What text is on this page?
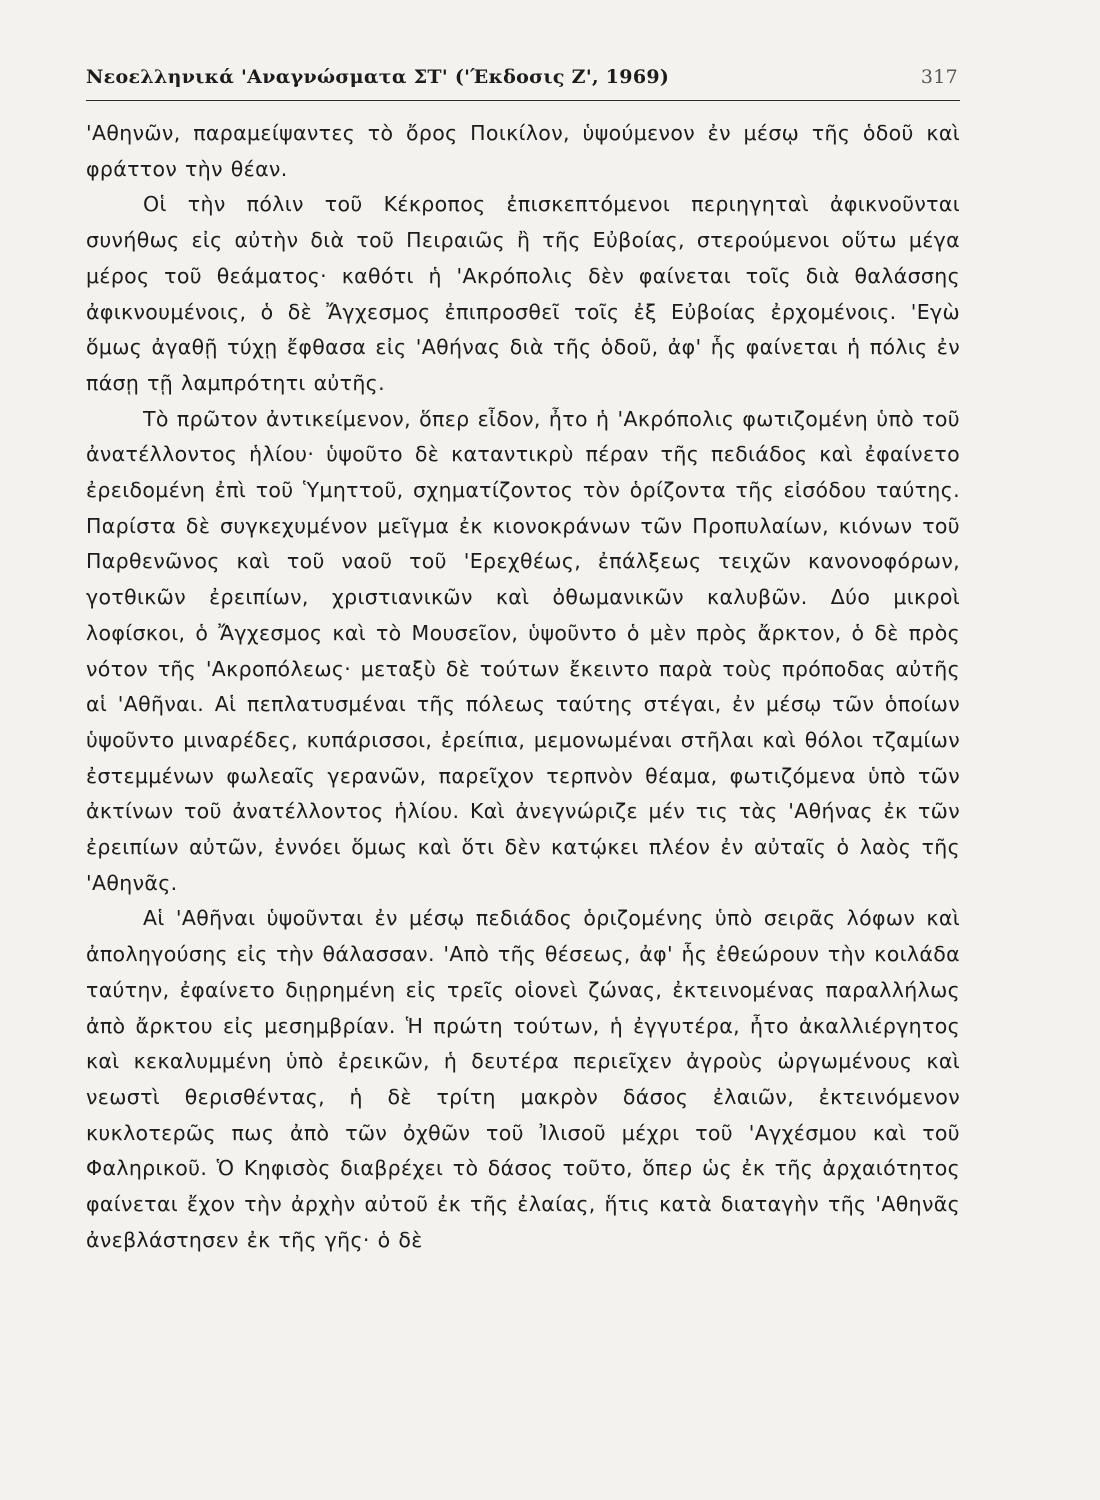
Νεοελληνικά 'Αναγνώσματα ΣΤ' ('Έκδοσις Ζ', 1969)	317

'Αθηνῶν, παραμείψαντες τὸ ὄρος Ποικίλον, ὑψούμενον ἐν μέσῳ τῆς ὁδοῦ καὶ φράττον τὴν θέαν.

Οἱ τὴν πόλιν τοῦ Κέκροπος ἐπισκεπτόμενοι περιηγηταὶ ἀφικνοῦνται συνήθως εἰς αὐτὴν διὰ τοῦ Πειραιῶς ἢ τῆς Εὐβοίας, στερούμενοι οὕτω μέγα μέρος τοῦ θεάματος· καθότι ἡ 'Ακρόπολις δὲν φαίνεται τοῖς διὰ θαλάσσης ἀφικνουμένοις, ὁ δὲ Ἄγχεσμος ἐπιπροσθεῖ τοῖς ἐξ Εὐβοίας ἐρχομένοις. 'Εγὼ ὅμως ἀγαθῇ τύχῃ ἔφθασα εἰς 'Αθήνας διὰ τῆς ὁδοῦ, ἀφ' ἧς φαίνεται ἡ πόλις ἐν πάσῃ τῇ λαμπρότητι αὐτῆς.

Τὸ πρῶτον ἀντικείμενον, ὅπερ εἶδον, ἦτο ἡ 'Ακρόπολις φωτιζομένη ὑπὸ τοῦ ἀνατέλλοντος ἡλίου· ὑψοῦτο δὲ καταντικρὺ πέραν τῆς πεδιάδος καὶ ἐφαίνετο ἐρειδομένη ἐπὶ τοῦ Ὑμηττοῦ, σχηματίζοντος τὸν ὁρίζοντα τῆς εἰσόδου ταύτης. Παρίστα δὲ συγκεχυμένον μεῖγμα ἐκ κιονοκράνων τῶν Προπυλαίων, κιόνων τοῦ Παρθενῶνος καὶ τοῦ ναοῦ τοῦ 'Ερεχθέως, ἐπάλξεως τειχῶν κανονοφόρων, γοτθικῶν ἐρειπίων, χριστιανικῶν καὶ ὀθωμανικῶν καλυβῶν. Δύο μικροὶ λοφίσκοι, ὁ Ἄγχεσμος καὶ τὸ Μουσεῖον, ὑψοῦντο ὁ μὲν πρὸς ἄρκτον, ὁ δὲ πρὸς νότον τῆς 'Ακροπόλεως· μεταξὺ δὲ τούτων ἔκειντο παρὰ τοὺς πρόποδας αὐτῆς αἱ 'Αθῆναι. Αἱ πεπλατυσμέναι τῆς πόλεως ταύτης στέγαι, ἐν μέσῳ τῶν ὁποίων ὑψοῦντο μιναρέδες, κυπάρισσοι, ἐρείπια, μεμονωμέναι στῆλαι καὶ θόλοι τζαμίων ἐστεμμένων φωλεαῖς γερανῶν, παρεῖχον τερπνὸν θέαμα, φωτιζόμενα ὑπὸ τῶν ἀκτίνων τοῦ ἀνατέλλοντος ἡλίου. Καὶ ἀνεγνώριζε μέν τις τὰς 'Αθήνας ἐκ τῶν ἐρειπίων αὐτῶν, ἐννόει ὅμως καὶ ὅτι δὲν κατῴκει πλέον ἐν αὐταῖς ὁ λαὸς τῆς 'Αθηνᾶς.

Αἱ 'Αθῆναι ὑψοῦνται ἐν μέσῳ πεδιάδος ὁριζομένης ὑπὸ σειρᾶς λόφων καὶ ἀποληγούσης εἰς τὴν θάλασσαν. 'Απὸ τῆς θέσεως, ἀφ' ἧς ἐθεώρουν τὴν κοιλάδα ταύτην, ἐφαίνετο διῃρημένη εἰς τρεῖς οἱονεὶ ζώνας, ἐκτεινομένας παραλλήλως ἀπὸ ἄρκτου εἰς μεσημβρίαν. Ἡ πρώτη τούτων, ἡ ἐγγυτέρα, ἦτο ἀκαλλιέργητος καὶ κεκαλυμμένη ὑπὸ ἐρεικῶν, ἡ δευτέρα περιεῖχεν ἀγροὺς ὠργωμένους καὶ νεωστὶ θερισθέντας, ἡ δὲ τρίτη μακρὸν δάσος ἐλαιῶν, ἐκτεινόμενον κυκλοτερῶς πως ἀπὸ τῶν ὀχθῶν τοῦ Ἰλισοῦ μέχρι τοῦ 'Αγχέσμου καὶ τοῦ Φαληρικοῦ. Ὁ Κηφισὸς διαβρέχει τὸ δάσος τοῦτο, ὅπερ ὡς ἐκ τῆς ἀρχαιότητος φαίνεται ἔχον τὴν ἀρχὴν αὐτοῦ ἐκ τῆς ἐλαίας, ἥτις κατὰ διαταγὴν τῆς 'Αθηνᾶς ἀνεβλάστησεν ἐκ τῆς γῆς· ὁ δὲ
